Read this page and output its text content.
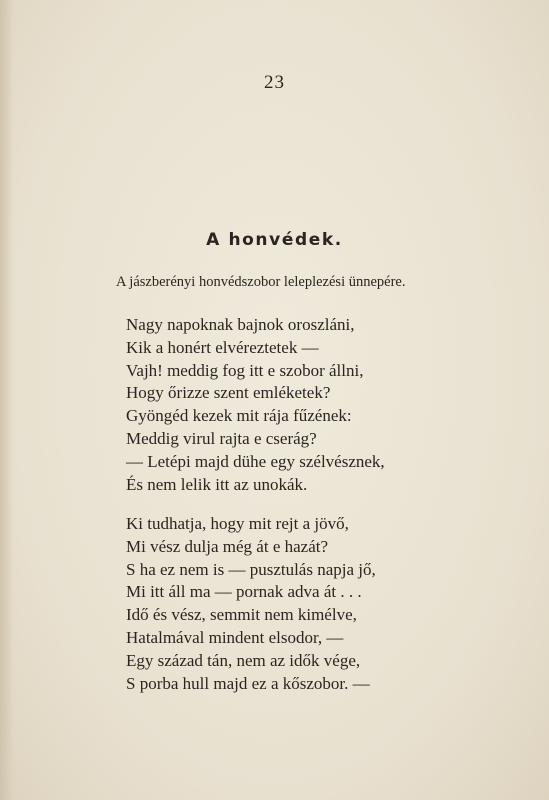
23
A honvédek.
A jászberényi honvédszobor leleplezési ünnepére.
Nagy napoknak bajnok oroszláni,
Kik a honért elvéreztetek —
Vajh! meddig fog itt e szobor állni,
Hogy őrizze szent emléketek?
Gyöngéd kezek mit rája fűzének:
Meddig virul rajta e cserág?
— Letépi majd dühe egy szélvésznek,
És nem lelik itt az unokák.
Ki tudhatja, hogy mit rejt a jövő,
Mi vész dulja még át e hazát?
S ha ez nem is — pusztulás napja jő,
Mi itt áll ma — pornak adva át . . .
Idő és vész, semmit nem kimélve,
Hatalmával mindent elsodor, —
Egy század tán, nem az idők vége,
S porba hull majd ez a kőszobor. —
